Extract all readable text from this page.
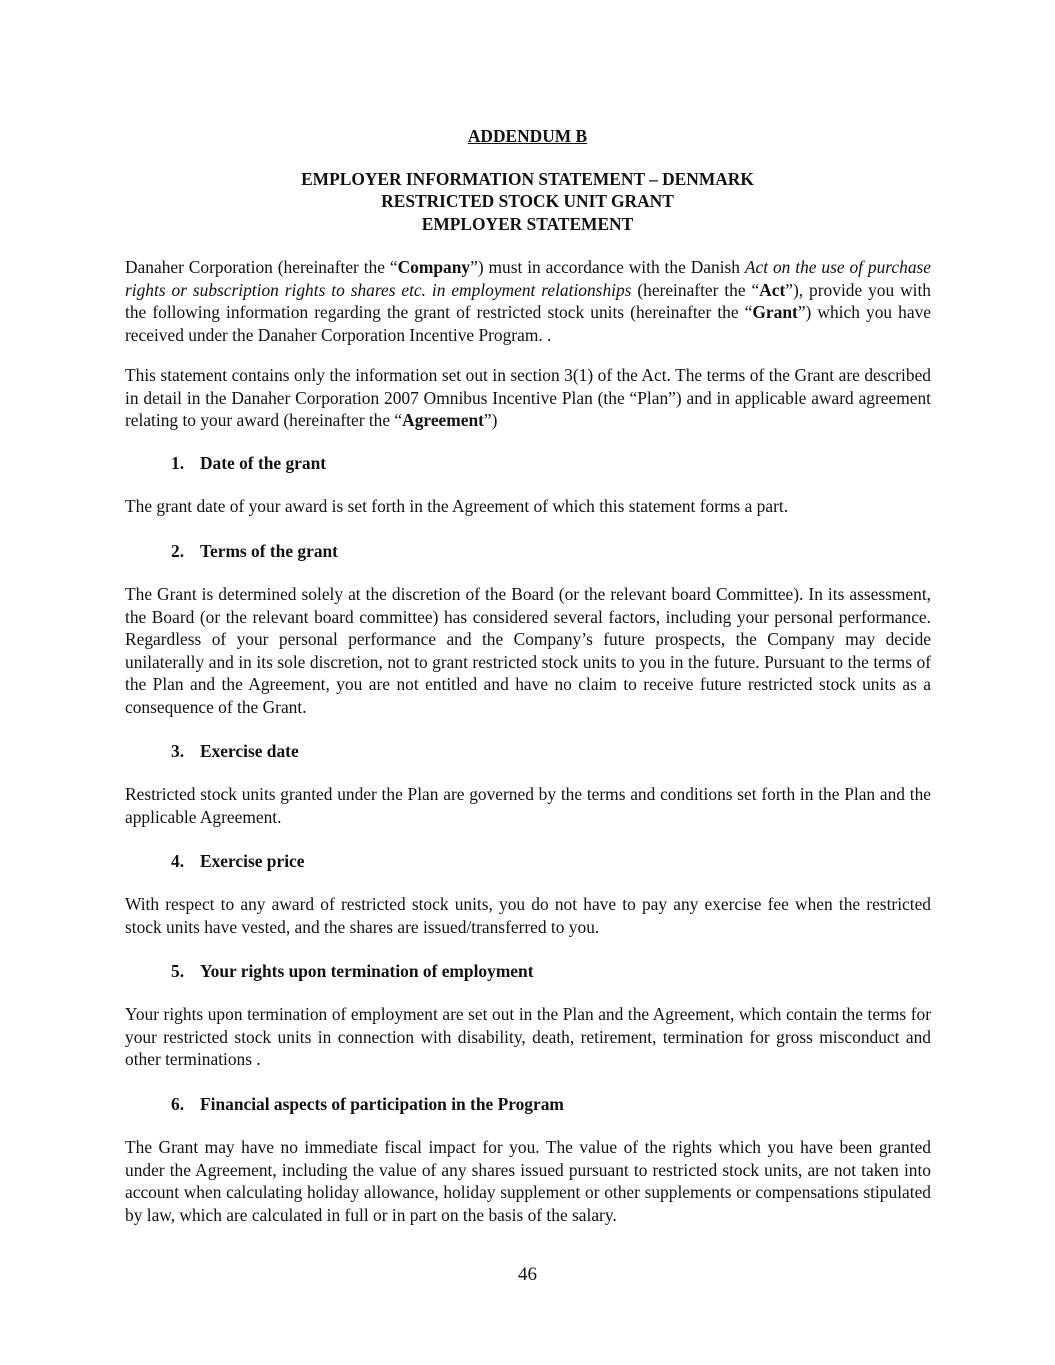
ADDENDUM B

EMPLOYER INFORMATION STATEMENT – DENMARK

RESTRICTED STOCK UNIT GRANT

EMPLOYER STATEMENT

Danaher Corporation (hereinafter the “Company”) must in accordance with the Danish Act on the use of purchase rights or subscription rights to shares etc. in employment relationships (hereinafter the “Act”), provide you with the following information regarding the grant of restricted stock units (hereinafter the “Grant”) which you have received under the Danaher Corporation Incentive Program. .

This statement contains only the information set out in section 3(1) of the Act. The terms of the Grant are described in detail in the Danaher Corporation 2007 Omnibus Incentive Plan (the “Plan”) and in applicable award agreement relating to your award (hereinafter the “Agreement”)

1. Date of the grant

The grant date of your award is set forth in the Agreement of which this statement forms a part.

2. Terms of the grant

The Grant is determined solely at the discretion of the Board (or the relevant board Committee). In its assessment, the Board (or the relevant board committee) has considered several factors, including your personal performance. Regardless of your personal performance and the Company’s future prospects, the Company may decide unilaterally and in its sole discretion, not to grant restricted stock units to you in the future. Pursuant to the terms of the Plan and the Agreement, you are not entitled and have no claim to receive future restricted stock units as a consequence of the Grant.

3. Exercise date

Restricted stock units granted under the Plan are governed by the terms and conditions set forth in the Plan and the applicable Agreement.

4. Exercise price

With respect to any award of restricted stock units, you do not have to pay any exercise fee when the restricted stock units have vested, and the shares are issued/transferred to you.

5. Your rights upon termination of employment

Your rights upon termination of employment are set out in the Plan and the Agreement, which contain the terms for your restricted stock units in connection with disability, death, retirement, termination for gross misconduct and other terminations .

6. Financial aspects of participation in the Program

The Grant may have no immediate fiscal impact for you. The value of the rights which you have been granted under the Agreement, including the value of any shares issued pursuant to restricted stock units, are not taken into account when calculating holiday allowance, holiday supplement or other supplements or compensations stipulated by law, which are calculated in full or in part on the basis of the salary.

46
